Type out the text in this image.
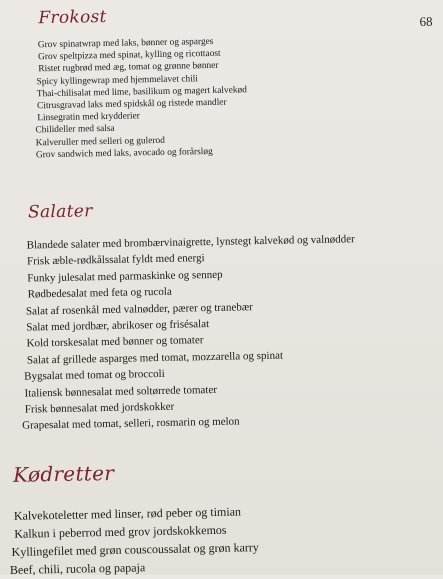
68
Frokost
Grov spinatwrap med laks, bønner og asparges
Grov speltpizza med spinat, kylling og ricottaost
Ristet rugbrød med æg, tomat og grønne bønner
Spicy kyllingewrap med hjemmelavet chili
Thai-chilisalat med lime, basilikum og magert kalvekød
Citrusgravad laks med spidskål og ristede mandler
Linsegratin med krydderier
Chilideller med salsa
Kalveruller med selleri og gulerod
Grov sandwich med laks, avocado og forårsløg
Salater
Blandede salater med brombærvinaigrette, lynstegt kalvekød og valnødder
Frisk æble-rødkålssalat fyldt med energi
Funky julesalat med parmaskinke og sennep
Rødbedesalat med feta og rucola
Salat af rosenkål med valnødder, pærer og tranebær
Salat med jordbær, abrikoser og frisésalat
Kold torskesalat med bønner og tomater
Salat af grillede asparges med tomat, mozzarella og spinat
Bygsalat med tomat og broccoli
Italiensk bønnesalat med soltørrede tomater
Frisk bønnesalat med jordskokker
Grapesalat med tomat, selleri, rosmarin og melon
Kødretter
Kalvekoteletter med linser, rød peber og timian
Kalkun i peberrod med grov jordskokkemos
Kyllingefilet med grøn couscoussalat og grøn karry
Beef, chili, rucola og papaja
